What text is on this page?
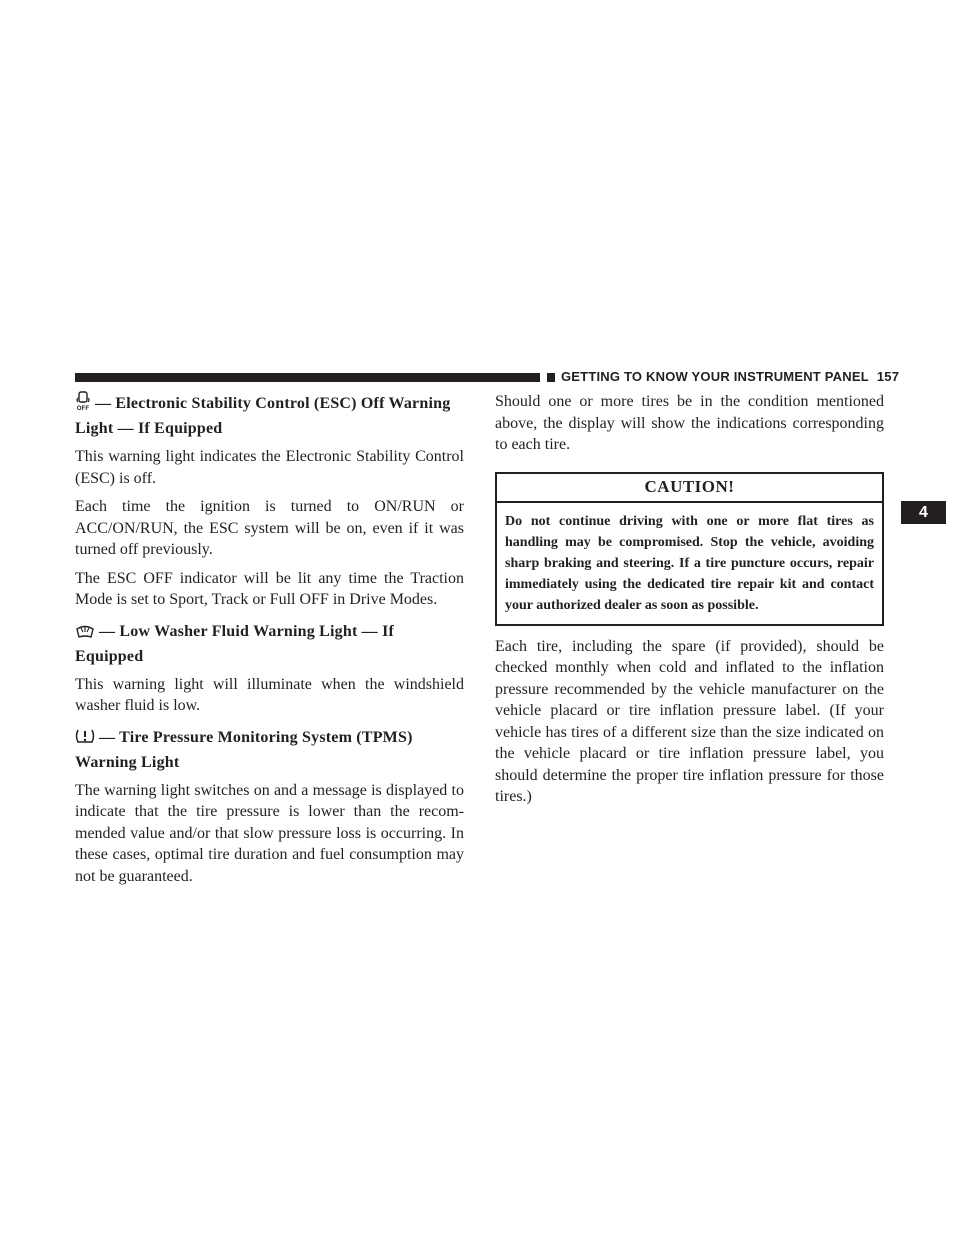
GETTING TO KNOW YOUR INSTRUMENT PANEL 157
4
OFF — Electronic Stability Control (ESC) Off Warning Light — If Equipped

This warning light indicates the Electronic Stability Control (ESC) is off.

Each time the ignition is turned to ON/RUN or ACC/ON/RUN, the ESC system will be on, even if it was turned off previously.

The ESC OFF indicator will be lit any time the Traction Mode is set to Sport, Track or Full OFF in Drive Modes.

— Low Washer Fluid Warning Light — If Equipped

This warning light will illuminate when the windshield washer fluid is low.

— Tire Pressure Monitoring System (TPMS) Warning Light

The warning light switches on and a message is displayed to indicate that the tire pressure is lower than the recom-mended value and/or that slow pressure loss is occurring. In these cases, optimal tire duration and fuel consumption may not be guaranteed.

Should one or more tires be in the condition mentioned above, the display will show the indications corresponding to each tire.

CAUTION!
Do not continue driving with one or more flat tires as handling may be compromised. Stop the vehicle, avoiding sharp braking and steering. If a tire puncture occurs, repair immediately using the dedicated tire repair kit and contact your authorized dealer as soon as possible.

Each tire, including the spare (if provided), should be checked monthly when cold and inflated to the inflation pressure recommended by the vehicle manufacturer on the vehicle placard or tire inflation pressure label. (If your vehicle has tires of a different size than the size indicated on the vehicle placard or tire inflation pressure label, you should determine the proper tire inflation pressure for those tires.)
